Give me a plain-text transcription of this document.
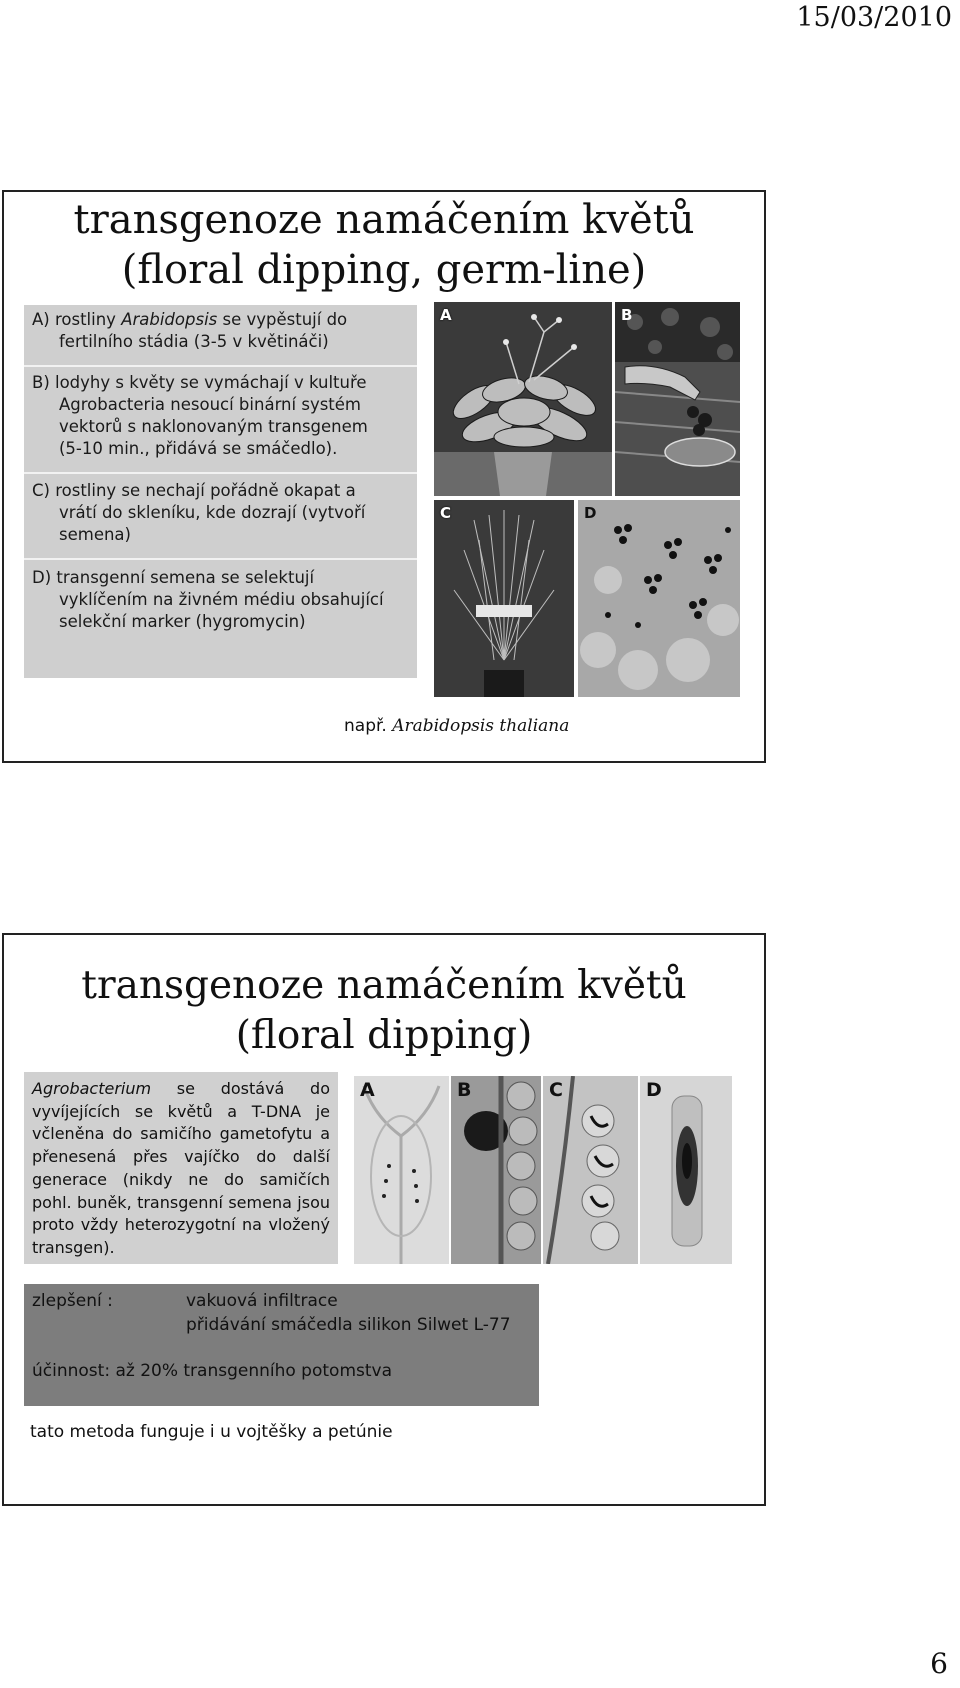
15/03/2010
transgenoze namáčením květů
(floral dipping, germ-line)
A) rostliny Arabidopsis se vypěstují do
fertilního stádia (3-5 v květináči)
B) lodyhy s květy se vymáchají v kultuře
Agrobacteria nesoucí binární systém
vektorů s naklonovaným transgenem
(5-10 min., přidává se smáčedlo).
C) rostliny se nechají pořádně okapat a
vrátí do skleníku, kde dozrají (vytvoří
semena)
D) transgenní semena se selektují
vyklíčením na živném médiu obsahující
selekční marker (hygromycin)
A	B
C	D
např. Arabidopsis thaliana
transgenoze namáčením květů
(floral dipping)

Agrobacterium se dostává do vyvíjejících se květů a T-DNA je včleněna do samičího gametofytu a přenesená přes vajíčko do další generace (nikdy ne do samičích pohl. buněk, transgenní semena jsou proto vždy heterozygotní na vložený transgen).

A	B	C	D
zlepšení :	vakuová infiltrace
přidávání smáčedla silikon Silwet L-77
účinnost: až 20% transgenního potomstva
tato metoda funguje i u vojtěšky a petúnie
6
